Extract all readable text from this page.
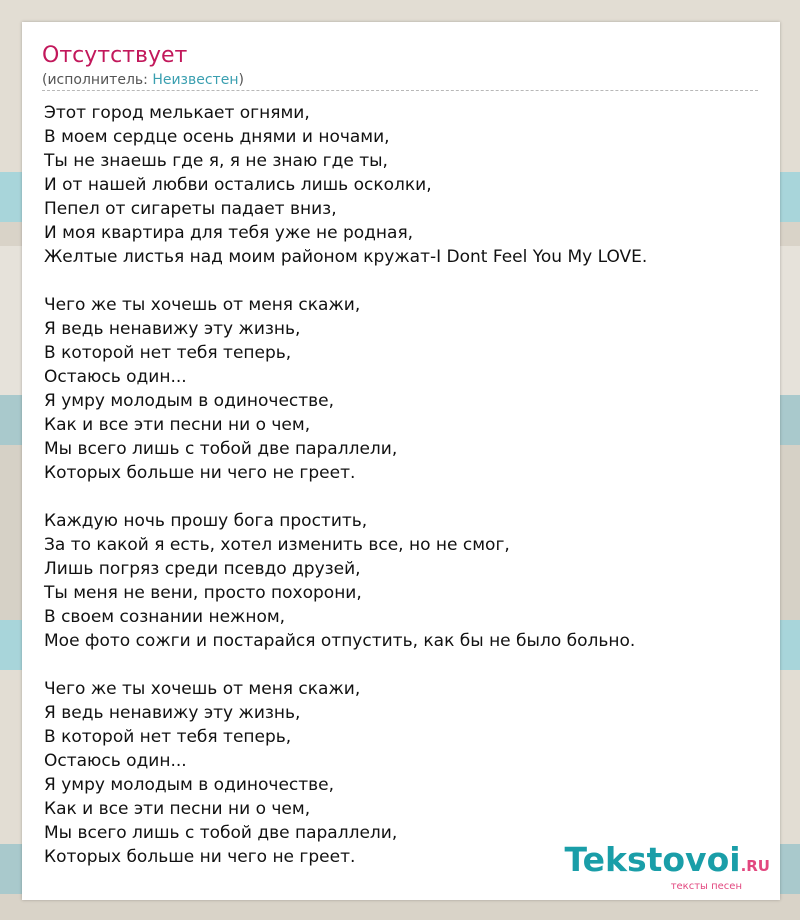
Отсутствует
(исполнитель: Неизвестен)
Этот город мелькает огнями,
В моем сердце осень днями и ночами,
Ты не знаешь где я, я не знаю где ты,
И от нашей любви остались лишь осколки,
Пепел от сигареты падает вниз,
И моя квартира для тебя уже не родная,
Желтые листья над моим районом кружат-I Dont Feel You My LOVE.
Чего же ты хочешь от меня скажи,
Я ведь ненавижу эту жизнь,
В которой нет тебя теперь,
Остаюсь один...
Я умру молодым в одиночестве,
Как и все эти песни ни о чем,
Мы всего лишь с тобой две параллели,
Которых больше ни чего не греет.
Каждую ночь прошу бога простить,
За то какой я есть, хотел изменить все, но не смог,
Лишь погряз среди псевдо друзей,
Ты меня не вени, просто похорони,
В своем сознании нежном,
Мое фото сожги и постарайся отпустить, как бы не было больно.
Чего же ты хочешь от меня скажи,
Я ведь ненавижу эту жизнь,
В которой нет тебя теперь,
Остаюсь один...
Я умру молодым в одиночестве,
Как и все эти песни ни о чем,
Мы всего лишь с тобой две параллели,
Которых больше ни чего не греет.	Tekstovoi.RU
тексты песен
